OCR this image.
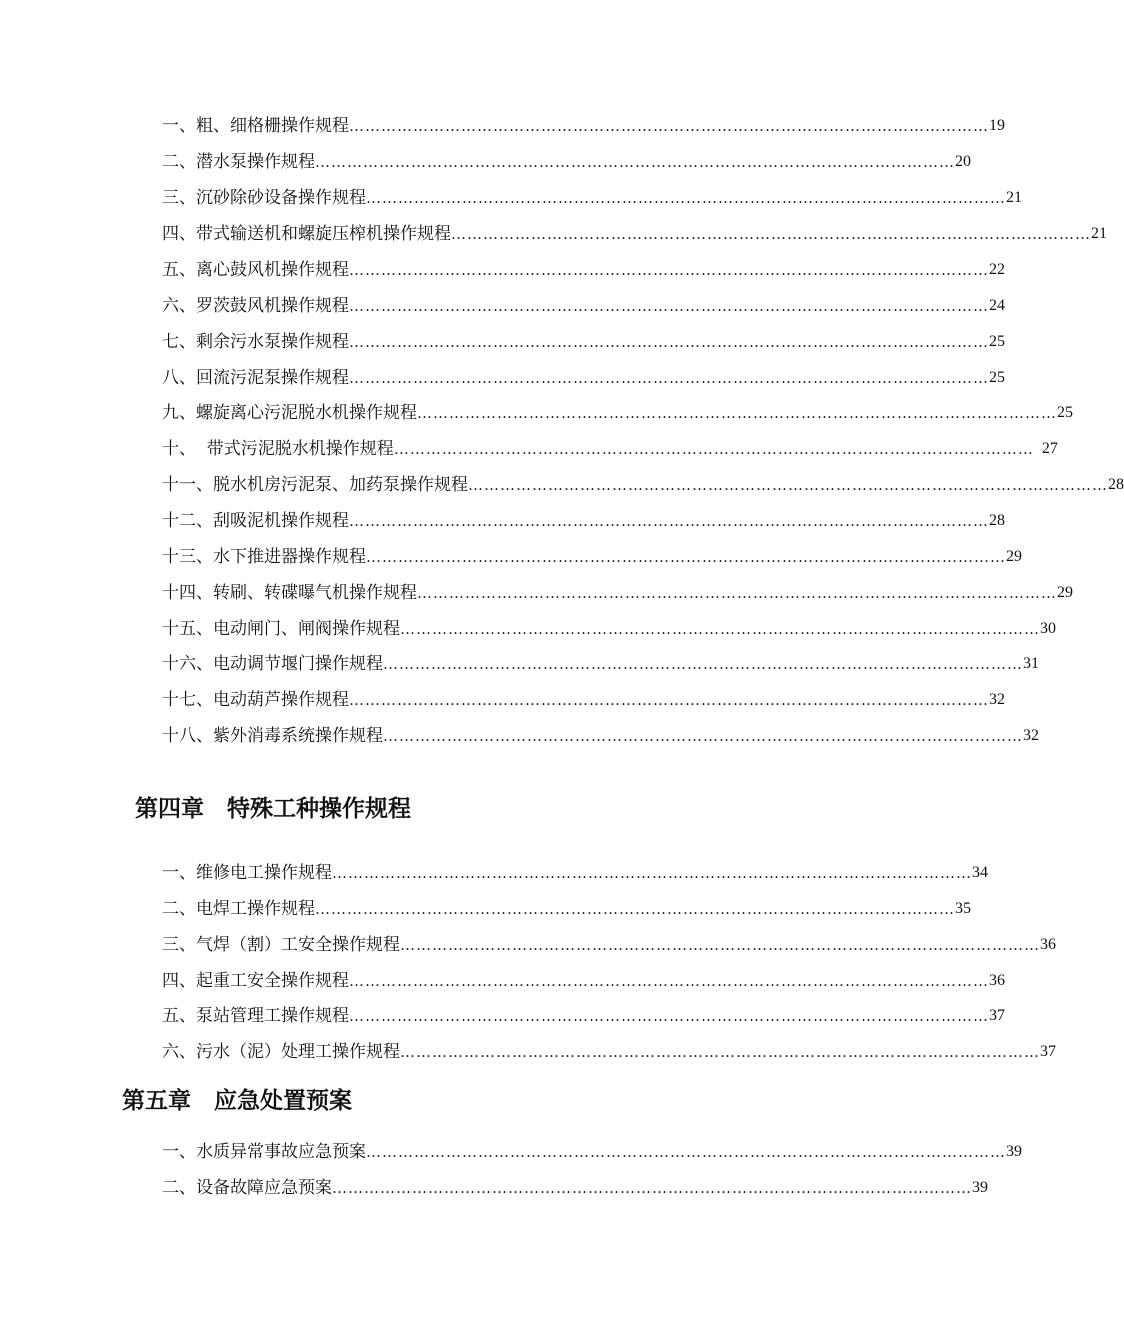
一、粗、细格栅操作规程 ………………………………………………………………………………………………………… 19
二、潜水泵操作规程 ………………………………………………………………………………………………………… 20
三、沉砂除砂设备操作规程 ………………………………………………………………………………………………………… 21
四、带式输送机和螺旋压榨机操作规程 ………………………………………………………………………………………………………… 21
五、离心鼓风机操作规程 ………………………………………………………………………………………………………… 22
六、罗茨鼓风机操作规程 ………………………………………………………………………………………………………… 24
七、剩余污水泵操作规程 ………………………………………………………………………………………………………… 25
八、回流污泥泵操作规程 ………………………………………………………………………………………………………… 25
九、螺旋离心污泥脱水机操作规程 ………………………………………………………………………………………………………… 25
十、  带式污泥脱水机操作规程 ………………………………………………………………………………………………………… 27
十一、脱水机房污泥泵、加药泵操作规程 ………………………………………………………………………………………………………… 28
十二、刮吸泥机操作规程 ………………………………………………………………………………………………………… 28
十三、水下推进器操作规程 ………………………………………………………………………………………………………… 29
十四、转刷、转碟曝气机操作规程 ………………………………………………………………………………………………………… 29
十五、电动闸门、闸阀操作规程 ………………………………………………………………………………………………………… 30
十六、电动调节堰门操作规程 ………………………………………………………………………………………………………… 31
十七、电动葫芦操作规程 ………………………………………………………………………………………………………… 32
十八、紫外消毒系统操作规程 ………………………………………………………………………………………………………… 32
第四章　特殊工种操作规程
一、维修电工操作规程 ………………………………………………………………………………………………………… 34
二、电焊工操作规程 ………………………………………………………………………………………………………… 35
三、气焊（割）工安全操作规程 ………………………………………………………………………………………………………… 36
四、起重工安全操作规程 ………………………………………………………………………………………………………… 36
五、泵站管理工操作规程 ………………………………………………………………………………………………………… 37
六、污水（泥）处理工操作规程 ………………………………………………………………………………………………………… 37
第五章　应急处置预案
一、水质异常事故应急预案 ………………………………………………………………………………………………………… 39
二、设备故障应急预案 ………………………………………………………………………………………………………… 39
